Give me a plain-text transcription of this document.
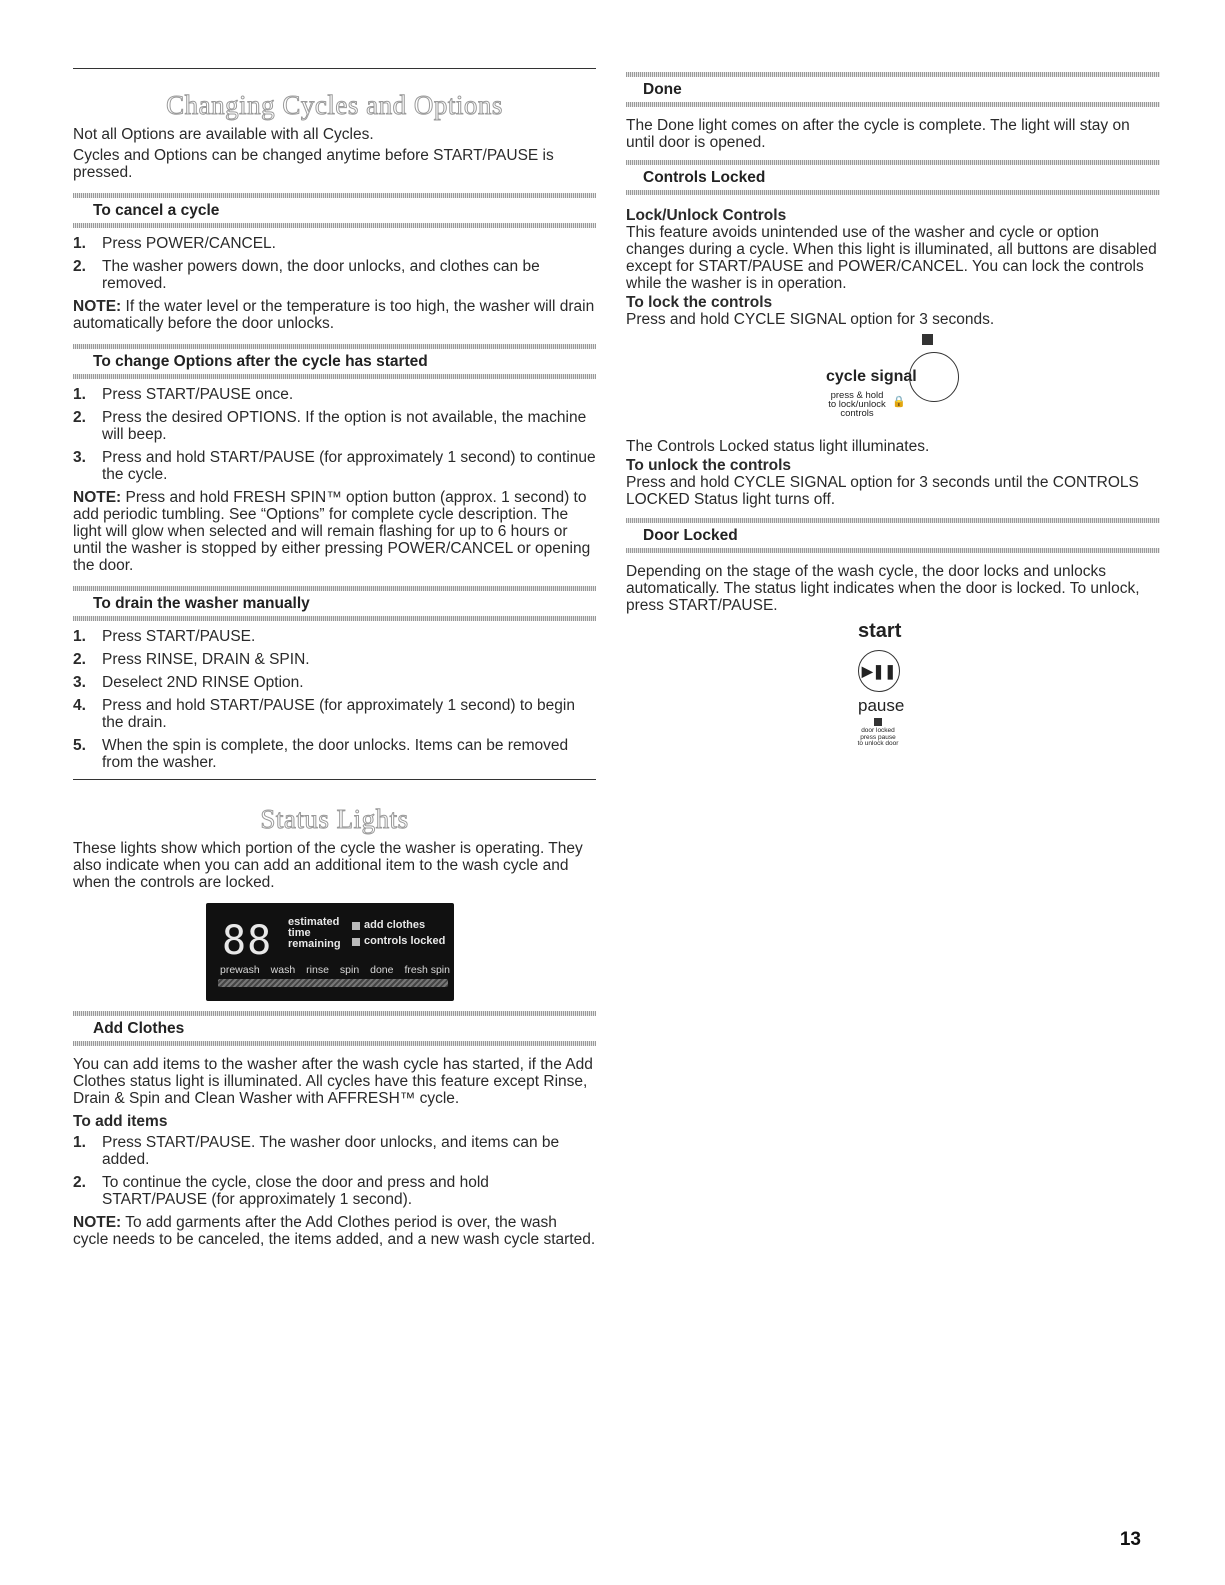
Changing Cycles and Options

Not all Options are available with all Cycles.

Cycles and Options can be changed anytime before START/PAUSE is pressed.

To cancel a cycle
1. Press POWER/CANCEL.
2. The washer powers down, the door unlocks, and clothes can be removed.

NOTE: If the water level or the temperature is too high, the washer will drain automatically before the door unlocks.

To change Options after the cycle has started
1. Press START/PAUSE once.
2. Press the desired OPTIONS. If the option is not available, the machine will beep.
3. Press and hold START/PAUSE (for approximately 1 second) to continue the cycle.

NOTE: Press and hold FRESH SPIN™ option button (approx. 1 second) to add periodic tumbling. See “Options” for complete cycle description. The light will glow when selected and will remain flashing for up to 6 hours or until the washer is stopped by either pressing POWER/CANCEL or opening the door.

To drain the washer manually
1. Press START/PAUSE.
2. Press RINSE, DRAIN & SPIN.
3. Deselect 2ND RINSE Option.
4. Press and hold START/PAUSE (for approximately 1 second) to begin the drain.
5. When the spin is complete, the door unlocks. Items can be removed from the washer.
Status Lights

These lights show which portion of the cycle the washer is operating. They also indicate when you can add an additional item to the wash cycle and when the controls are locked.

88 estimated
time
remaining
add clothes
controls locked
prewash wash rinse spin done fresh spin
Add Clothes

You can add items to the washer after the wash cycle has started, if the Add Clothes status light is illuminated. All cycles have this feature except Rinse, Drain & Spin and Clean Washer with AFFRESH™ cycle.

To add items
1. Press START/PAUSE. The washer door unlocks, and items can be added.
2. To continue the cycle, close the door and press and hold START/PAUSE (for approximately 1 second).

NOTE: To add garments after the Add Clothes period is over, the wash cycle needs to be canceled, the items added, and a new wash cycle started.

Done

The Done light comes on after the cycle is complete. The light will stay on until door is opened.

Controls Locked
Lock/Unlock Controls

This feature avoids unintended use of the washer and cycle or option changes during a cycle. When this light is illuminated, all buttons are disabled except for START/PAUSE and POWER/CANCEL. You can lock the controls while the washer is in operation.

To lock the controls

Press and hold CYCLE SIGNAL option for 3 seconds.

cycle signal
press & hold
to lock/unlock
controls
🔒

The Controls Locked status light illuminates.

To unlock the controls

Press and hold CYCLE SIGNAL option for 3 seconds until the CONTROLS LOCKED Status light turns off.

Door Locked

Depending on the stage of the wash cycle, the door locks and unlocks automatically. The status light indicates when the door is locked. To unlock, press START/PAUSE.

start
▶❚❚
pause
door locked
press pause
to unlock door
13
